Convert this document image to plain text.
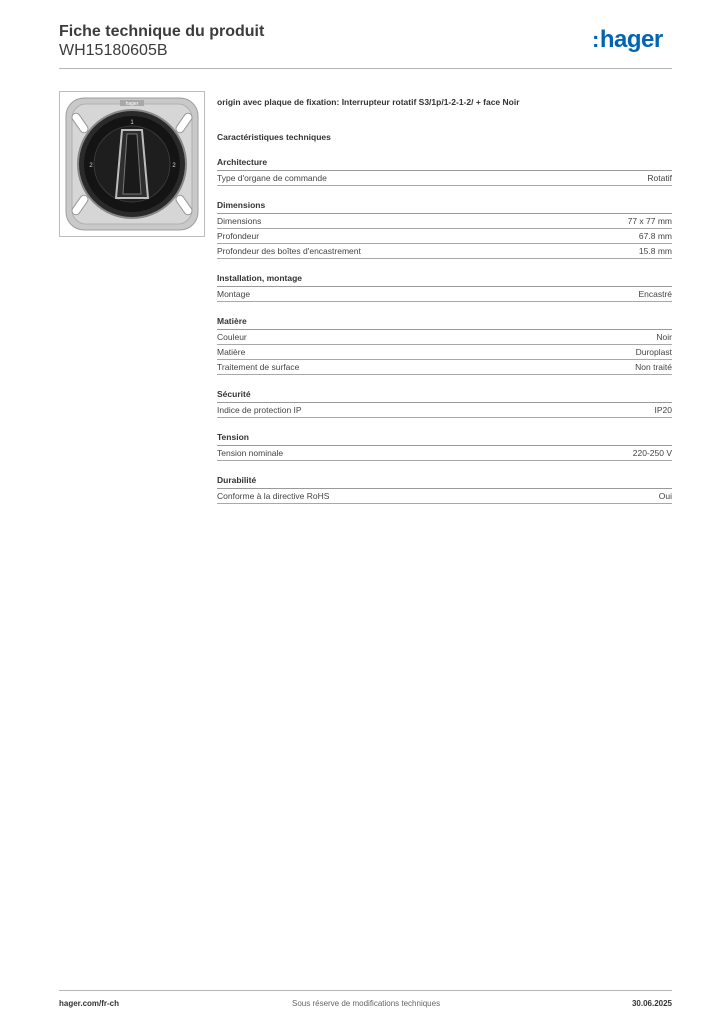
Fiche technique du produit

WH15180605B	:hager
hager
1
2	2

origin avec plaque de fixation: Interrupteur rotatif S3/1p/1-2-1-2/ + face Noir

Caractéristiques techniques
Architecture
Type d'organe de commande	Rotatif
Dimensions
Dimensions	77 x 77 mm
Profondeur	67.8 mm
Profondeur des boîtes d'encastrement	15.8 mm
Installation, montage
Montage	Encastré
Matière
Couleur	Noir
Matière	Duroplast
Traitement de surface	Non traité
Sécurité
Indice de protection IP	IP20
Tension
Tension nominale	220-250 V
Durabilité
Conforme à la directive RoHS	Oui
hager.com/fr-ch	Sous réserve de modifications techniques	30.06.2025
